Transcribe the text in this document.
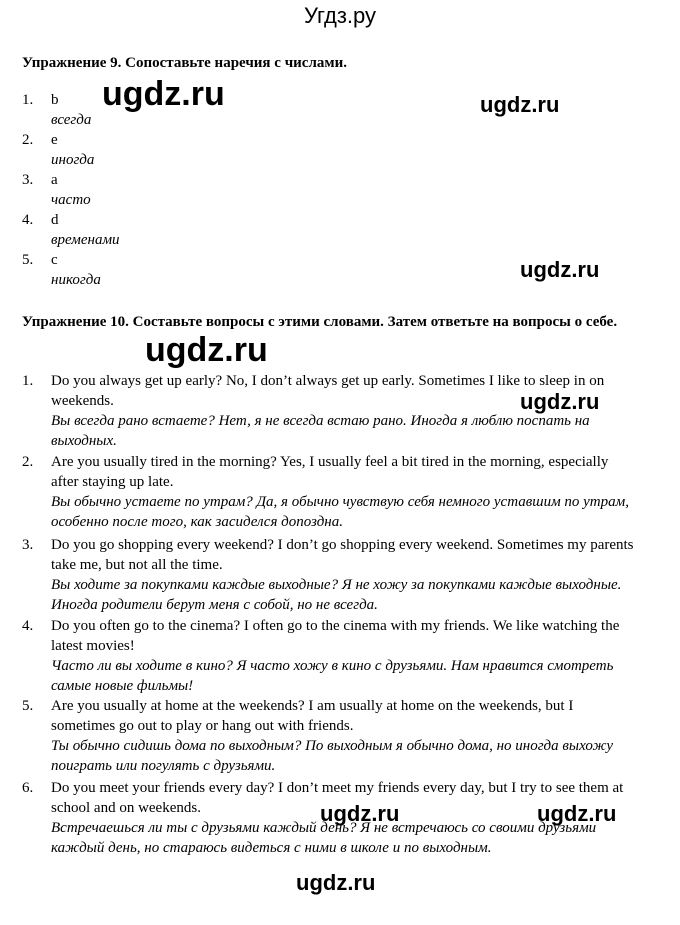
Угдз.ру
Упражнение 9. Сопоставьте наречия с числами.
1. b
всегда
2. e
иногда
3. a
часто
4. d
временами
5. c
никогда
Упражнение 10. Составьте вопросы с этими словами. Затем ответьте на вопросы о себе.
1. Do you always get up early? No, I don’t always get up early. Sometimes I like to sleep in on weekends.
Вы всегда рано встаете? Нет, я не всегда встаю рано. Иногда я люблю поспать на выходных.
2. Are you usually tired in the morning? Yes, I usually feel a bit tired in the morning, especially after staying up late.
Вы обычно устаете по утрам? Да, я обычно чувствую себя немного уставшим по утрам, особенно после того, как засиделся допоздна.
3. Do you go shopping every weekend? I don’t go shopping every weekend. Sometimes my parents take me, but not all the time.
Вы ходите за покупками каждые выходные? Я не хожу за покупками каждые выходные. Иногда родители берут меня с собой, но не всегда.
4. Do you often go to the cinema? I often go to the cinema with my friends. We like watching the latest movies!
Часто ли вы ходите в кино? Я часто хожу в кино с друзьями. Нам нравится смотреть самые новые фильмы!
5. Are you usually at home at the weekends? I am usually at home on the weekends, but I sometimes go out to play or hang out with friends.
Ты обычно сидишь дома по выходным? По выходным я обычно дома, но иногда выхожу поиграть или погулять с друзьями.
6. Do you meet your friends every day? I don’t meet my friends every day, but I try to see them at school and on weekends.
Встречаешься ли ты с друзьями каждый день? Я не встречаюсь со своими друзьями каждый день, но стараюсь видеться с ними в школе и по выходным.
ugdz.ru	ugdz.ru
ugdz.ru
ugdz.ru
ugdz.ru
ugdz.ru	ugdz.ru
ugdz.ru
